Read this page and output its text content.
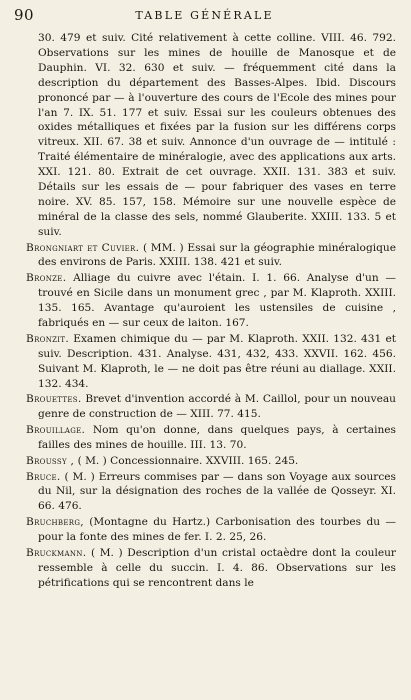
90	TABLE GÉNÉRALE

30. 479 et suiv. Cité relativement à cette colline. VIII. 46. 792. Observations sur les mines de houille de Manosque et de Dauphin. VI. 32. 630 et suiv. — fréquemment cité dans la description du département des Basses-Alpes. Ibid. Discours prononcé par — à l'ouverture des cours de l'Ecole des mines pour l'an 7. IX. 51. 177 et suiv. Essai sur les couleurs obtenues des oxides métalliques et fixées par la fusion sur les différens corps vitreux. XII. 67. 38 et suiv. Annonce d'un ouvrage de — intitulé : Traité élémentaire de minéralogie, avec des applications aux arts. XXI. 121. 80. Extrait de cet ouvrage. XXII. 131. 383 et suiv. Détails sur les essais de — pour fabriquer des vases en terre noire. XV. 85. 157, 158. Mémoire sur une nouvelle espèce de minéral de la classe des sels, nommé Glauberite. XXIII. 133. 5 et suiv.

Brongniart et Cuvier. ( MM. ) Essai sur la géographie minéralogique des environs de Paris. XXIII. 138. 421 et suiv.

Bronze. Alliage du cuivre avec l'étain. I. 1. 66. Analyse d'un — trouvé en Sicile dans un monument grec , par M. Klaproth. XXIII. 135. 165. Avantage qu'auroient les ustensiles de cuisine , fabriqués en — sur ceux de laiton. 167.

Bronzit. Examen chimique du — par M. Klaproth. XXII. 132. 431 et suiv. Description. 431. Analyse. 431, 432, 433. XXVII. 162. 456. Suivant M. Klaproth, le — ne doit pas être réuni au diallage. XXII. 132. 434.

Brouettes. Brevet d'invention accordé à M. Caillol, pour un nouveau genre de construction de — XIII. 77. 415.

Brouillage. Nom qu'on donne, dans quelques pays, à certaines failles des mines de houille. III. 13. 70.

Broussy , ( M. ) Concessionnaire. XXVIII. 165. 245.

Bruce. ( M. ) Erreurs commises par — dans son Voyage aux sources du Nil, sur la désignation des roches de la vallée de Qosseyr. XI. 66. 476.

Bruchberg, (Montagne du Hartz.) Carbonisation des tourbes du — pour la fonte des mines de fer. I. 2. 25, 26.

Bruckmann. ( M. ) Description d'un cristal octaèdre dont la couleur ressemble à celle du succin. I. 4. 86. Observations sur les pétrifications qui se rencontrent dans le
